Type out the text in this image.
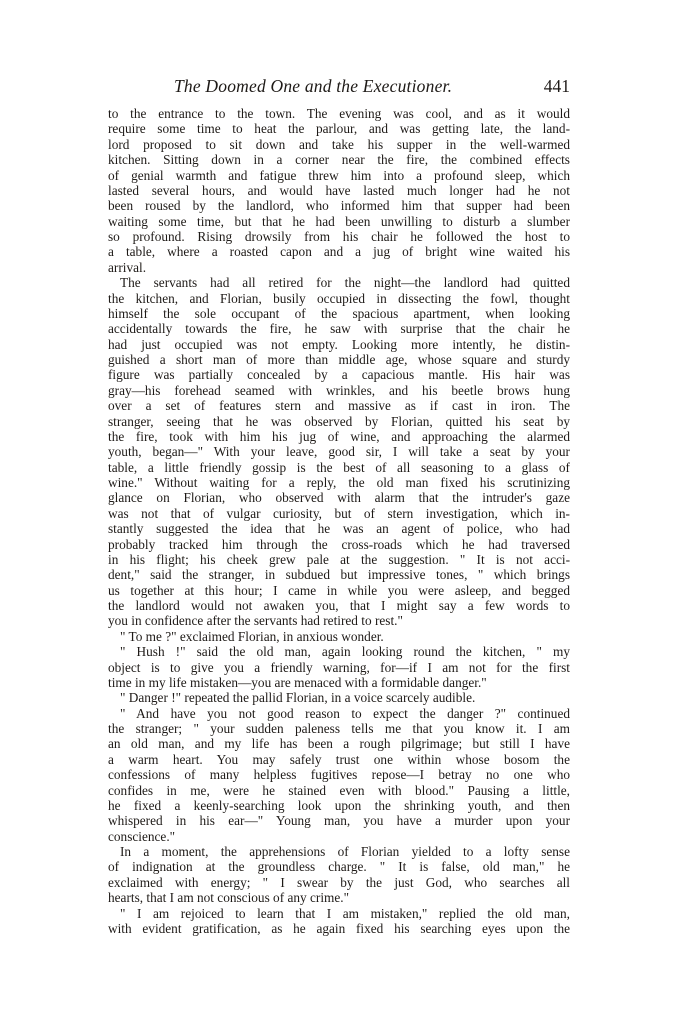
The Doomed One and the Executioner.	441
to the entrance to the town. The evening was cool, and as it would
require some time to heat the parlour, and was getting late, the land-
lord proposed to sit down and take his supper in the well-warmed
kitchen. Sitting down in a corner near the fire, the combined effects
of genial warmth and fatigue threw him into a profound sleep, which
lasted several hours, and would have lasted much longer had he not
been roused by the landlord, who informed him that supper had been
waiting some time, but that he had been unwilling to disturb a slumber
so profound. Rising drowsily from his chair he followed the host to
a table, where a roasted capon and a jug of bright wine waited his
arrival.
The servants had all retired for the night—the landlord had quitted
the kitchen, and Florian, busily occupied in dissecting the fowl, thought
himself the sole occupant of the spacious apartment, when looking
accidentally towards the fire, he saw with surprise that the chair he
had just occupied was not empty. Looking more intently, he distin-
guished a short man of more than middle age, whose square and sturdy
figure was partially concealed by a capacious mantle. His hair was
gray—his forehead seamed with wrinkles, and his beetle brows hung
over a set of features stern and massive as if cast in iron. The
stranger, seeing that he was observed by Florian, quitted his seat by
the fire, took with him his jug of wine, and approaching the alarmed
youth, began—" With your leave, good sir, I will take a seat by your
table, a little friendly gossip is the best of all seasoning to a glass of
wine." Without waiting for a reply, the old man fixed his scrutinizing
glance on Florian, who observed with alarm that the intruder's gaze
was not that of vulgar curiosity, but of stern investigation, which in-
stantly suggested the idea that he was an agent of police, who had
probably tracked him through the cross-roads which he had traversed
in his flight; his cheek grew pale at the suggestion. " It is not acci-
dent," said the stranger, in subdued but impressive tones, " which brings
us together at this hour; I came in while you were asleep, and begged
the landlord would not awaken you, that I might say a few words to
you in confidence after the servants had retired to rest."
" To me ?" exclaimed Florian, in anxious wonder.
" Hush !" said the old man, again looking round the kitchen, " my
object is to give you a friendly warning, for—if I am not for the first
time in my life mistaken—you are menaced with a formidable danger."
" Danger !" repeated the pallid Florian, in a voice scarcely audible.
" And have you not good reason to expect the danger ?" continued
the stranger; " your sudden paleness tells me that you know it. I am
an old man, and my life has been a rough pilgrimage; but still I have
a warm heart. You may safely trust one within whose bosom the
confessions of many helpless fugitives repose—I betray no one who
confides in me, were he stained even with blood." Pausing a little,
he fixed a keenly-searching look upon the shrinking youth, and then
whispered in his ear—" Young man, you have a murder upon your
conscience."
In a moment, the apprehensions of Florian yielded to a lofty sense
of indignation at the groundless charge. " It is false, old man," he
exclaimed with energy; " I swear by the just God, who searches all
hearts, that I am not conscious of any crime."
" I am rejoiced to learn that I am mistaken," replied the old man,
with evident gratification, as he again fixed his searching eyes upon the
